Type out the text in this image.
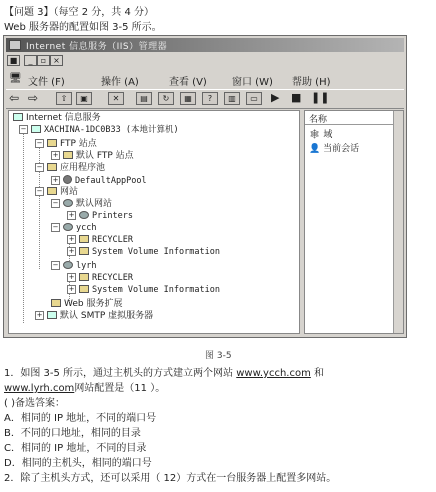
【问题 3】（每空 2 分，共 4 分）
Web 服务器的配置如图 3-5 所示。
Internet 信息服务（IIS）管理器
■	_	▫ ×
🖥 文件 (F)	操作 (A)	查看 (V)	窗口 (W) 帮助 (H)
⇦ ⇨	⇧	▣	✕	▤	↻	▦	?	▥	▭	▶ ■ ❚❚
Internet 信息服务
− XACHINA-1DC0B33 (本地计算机)
− FTP 站点
+ 默认 FTP 站点
− 应用程序池
+ DefaultAppPool
− 网站
− 默认网站
+ Printers
− ycch
+ RECYCLER
+ System Volume Information
− lyrh
+ RECYCLER
+ System Volume Information
Web 服务扩展
+ 默认 SMTP 虚拟服务器
名称
🕸 域
👤 当前会话
图 3-5
1．如图 3-5 所示，通过主机头的方式建立两个网站 www.ycch.com 和
www.lyrh.com网站配置是（11 ）。
( )备选答案：
A．相同的 IP 地址，不同的端口号
B．不同的口地址，相同的目录
C．相同的 IP 地址，不同的目录
D．相同的主机头，相同的端口号
2．除了主机头方式，还可以采用（ 12）方式在一台服务器上配置多网站。
